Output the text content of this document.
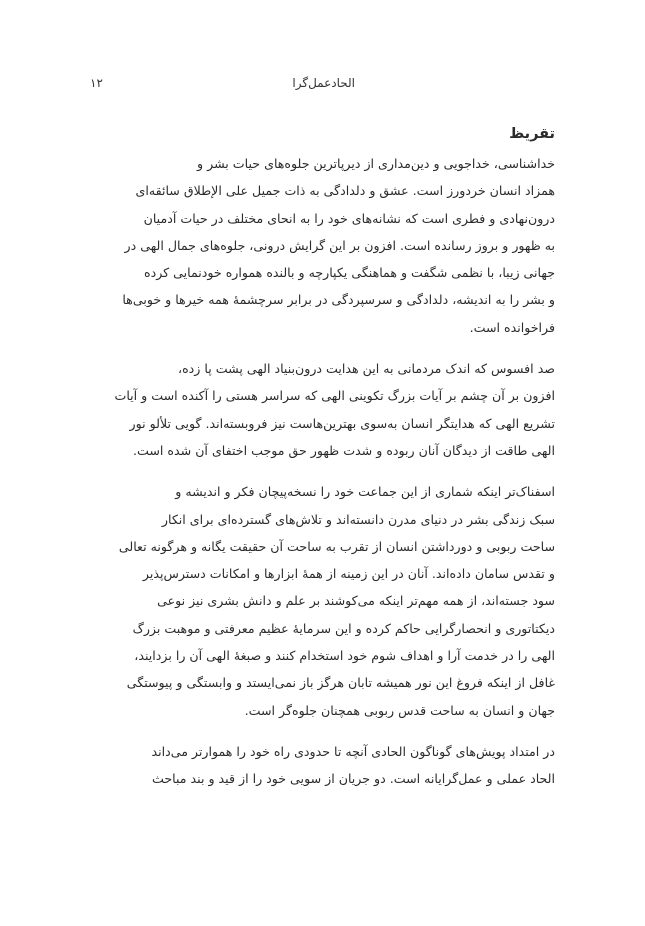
الحادعمل‌گرا
۱۲
تقریظ

خداشناسی، خداجویی و دین‌مداری از دیرپاترین جلوه‌های حیات بشر و

همزاد انسان خردورز است. عشق و دلدادگی به ذات جمیل علی الإطلاق سائقه‌ای

درون‌نهادی و فطری است که نشانه‌های خود را به انحای مختلف در حیات آدمیان

به ظهور و بروز رسانده است. افزون بر این گرایش درونی، جلوه‌های جمال الهی در

جهانی زیبا، با نظمی شگفت و هماهنگی یکپارچه و بالنده همواره خودنمایی کرده

و بشر را به اندیشه، دلدادگی و سرسپردگی در برابر سرچشمهٔ همه خیرها و خوبی‌ها

فراخوانده است.

صد افسوس که اندک مردمانی به این هدایت درون‌بنیاد الهی پشت پا زده،

افزون بر آن چشم بر آیات بزرگ تکوینی الهی که سراسر هستی را آکنده است و آیات

تشریع الهی که هدایتگر انسان به‌سوی بهترین‌هاست نیز فروبسته‌اند. گویی تلألو نور

الهی طاقت از دیدگان آنان ربوده و شدت ظهور حق موجب اختفای آن شده است.

اسفناک‌تر اینکه شماری از این جماعت خود را نسخه‌پیچان فکر و اندیشه و

سبک زندگی بشر در دنیای مدرن دانسته‌اند و تلاش‌های گسترده‌ای برای انکار

ساحت ربوبی و دورداشتن انسان از تقرب به ساحت آن حقیقت یگانه و هرگونه تعالی

و تقدس سامان داده‌اند. آنان در این زمینه از همهٔ ابزارها و امکانات دسترس‌پذیر

سود جسته‌اند، از همه مهم‌تر اینکه می‌کوشند بر علم و دانش بشری نیز نوعی

دیکتاتوری و انحصارگرایی حاکم کرده و این سرمایهٔ عظیم معرفتی و موهبت بزرگ

الهی را در خدمت آرا و اهداف شوم خود استخدام کنند و صبغهٔ الهی آن را بزدایند،

غافل از اینکه فروغ این نور همیشه تابان هرگز باز نمی‌ایستد و وابستگی و پیوستگی

جهان و انسان به ساحت قدس ربوبی همچنان جلوه‌گر است.

در امتداد پویش‌های گوناگون الحادی آنچه تا حدودی راه خود را هموارتر می‌داند

الحاد عملی و عمل‌گرایانه است. دو جریان از سویی خود را از قید و بند مباحث
